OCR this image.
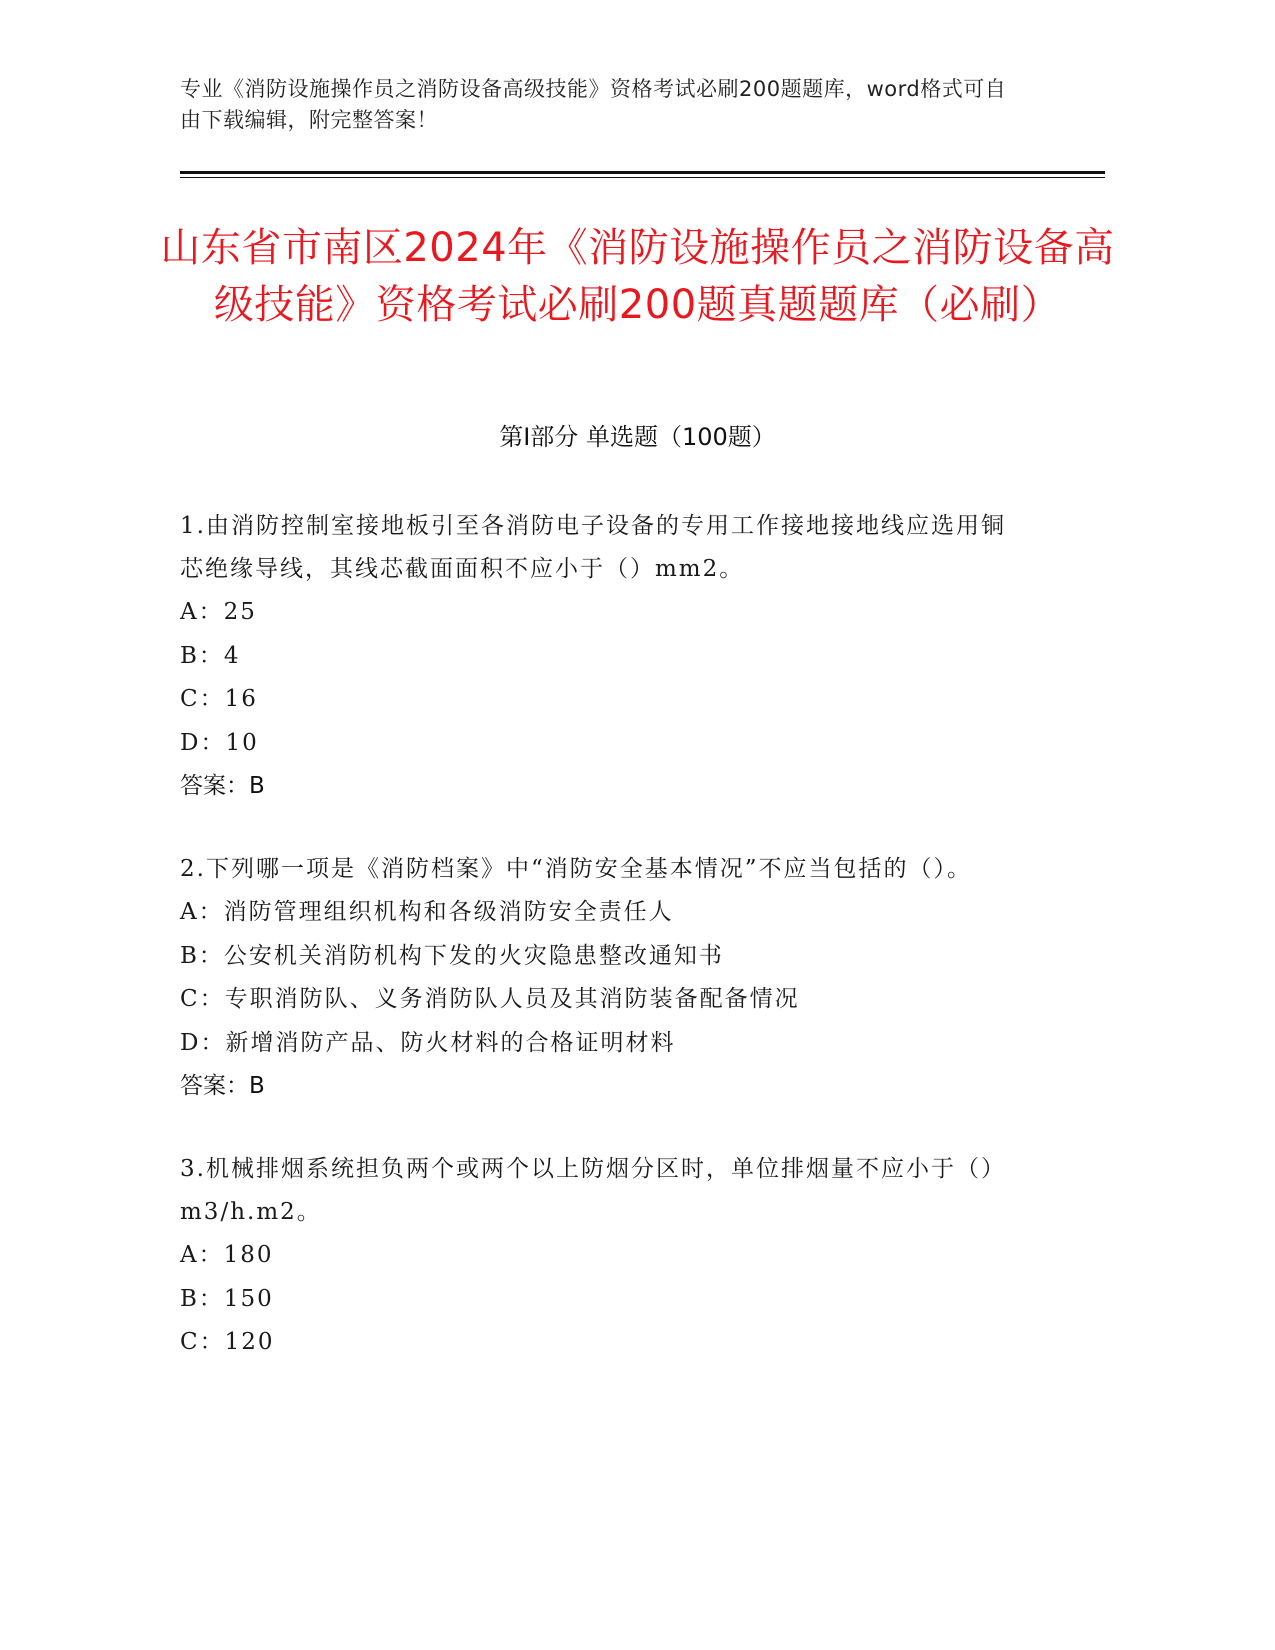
专业《消防设施操作员之消防设备高级技能》资格考试必刷200题题库，word格式可自由下载编辑，附完整答案！
山东省市南区2024年《消防设施操作员之消防设备高级技能》资格考试必刷200题真题题库（必刷）
第Ⅰ部分 单选题（100题）
1.由消防控制室接地板引至各消防电子设备的专用工作接地接地线应选用铜芯绝缘导线，其线芯截面面积不应小于（）mm2。
A：25
B：4
C：16
D：10
答案：B
2.下列哪一项是《消防档案》中“消防安全基本情况”不应当包括的（）。
A：消防管理组织机构和各级消防安全责任人
B：公安机关消防机构下发的火灾隐患整改通知书
C：专职消防队、义务消防队人员及其消防装备配备情况
D：新增消防产品、防火材料的合格证明材料
答案：B
3.机械排烟系统担负两个或两个以上防烟分区时，单位排烟量不应小于（）m3/h.m2。
A：180
B：150
C：120
